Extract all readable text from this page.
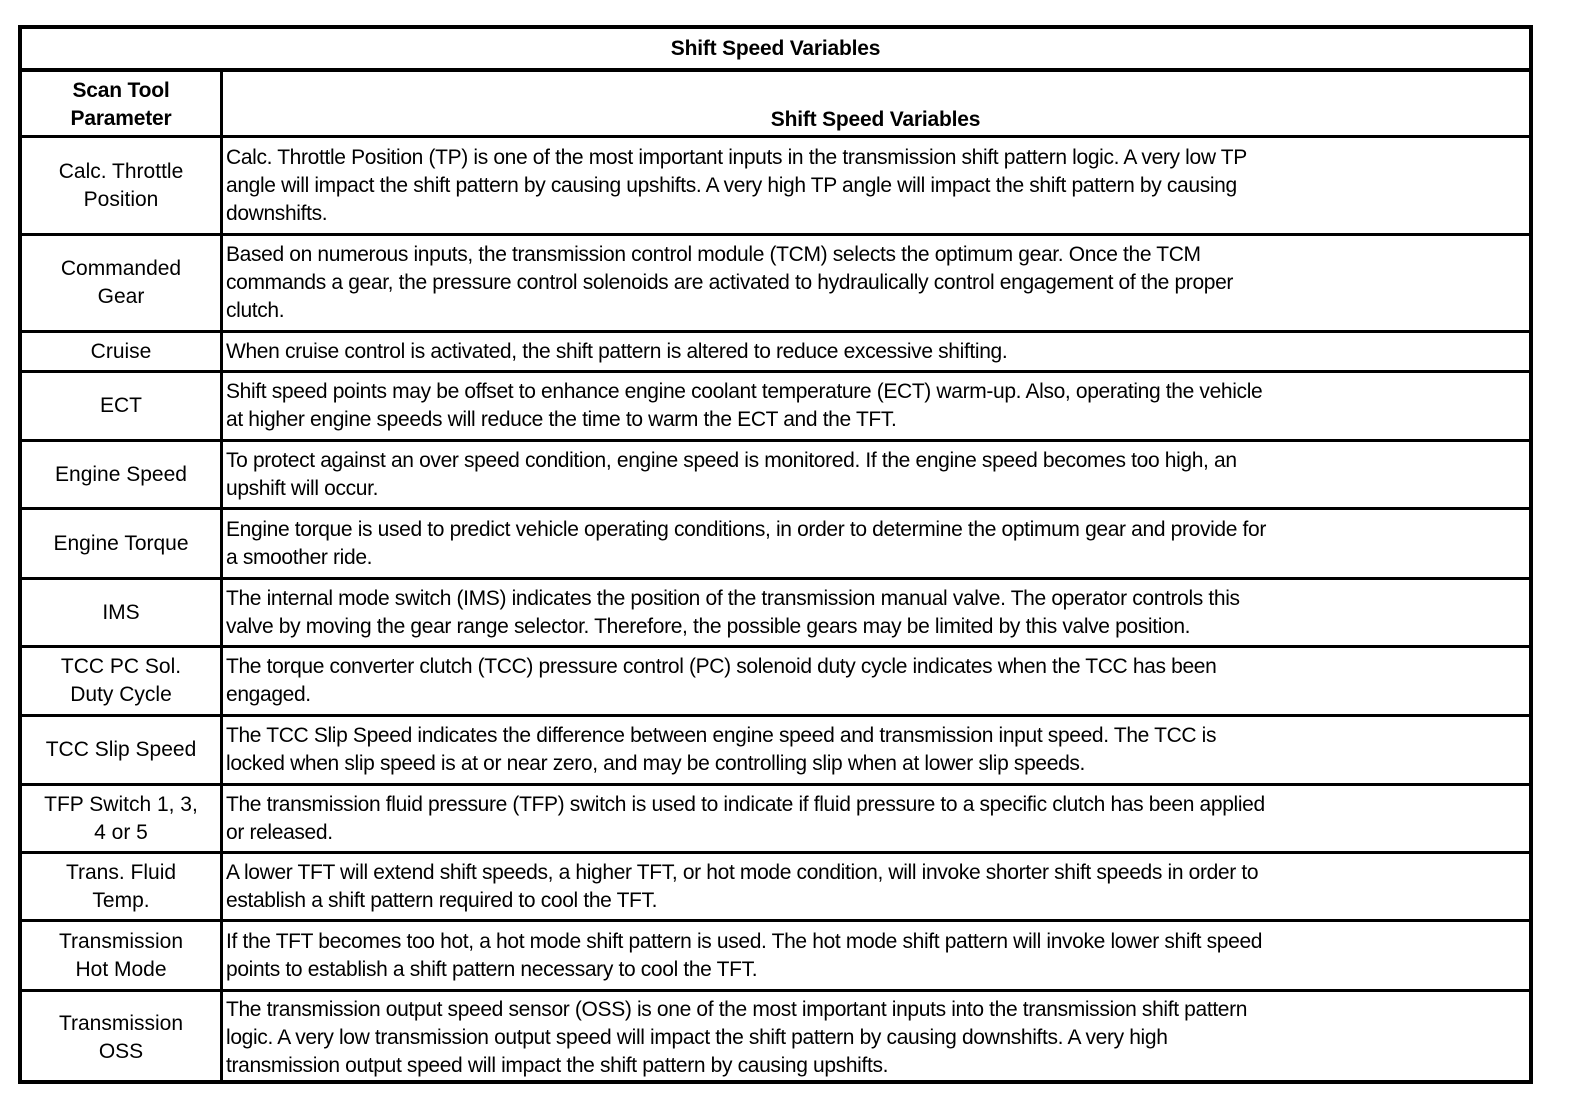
Shift Speed Variables
Scan Tool
Parameter	Shift Speed Variables
Calc. Throttle
Position
Calc. Throttle Position (TP) is one of the most important inputs in the transmission shift pattern logic. A very low TP
angle will impact the shift pattern by causing upshifts. A very high TP angle will impact the shift pattern by causing
downshifts.
Commanded
Gear
Based on numerous inputs, the transmission control module (TCM) selects the optimum gear. Once the TCM
commands a gear, the pressure control solenoids are activated to hydraulically control engagement of the proper
clutch.
Cruise	When cruise control is activated, the shift pattern is altered to reduce excessive shifting.
ECT
Shift speed points may be offset to enhance engine coolant temperature (ECT) warm-up. Also, operating the vehicle
at higher engine speeds will reduce the time to warm the ECT and the TFT.
Engine Speed
To protect against an over speed condition, engine speed is monitored. If the engine speed becomes too high, an
upshift will occur.
Engine Torque
Engine torque is used to predict vehicle operating conditions, in order to determine the optimum gear and provide for
a smoother ride.
IMS
The internal mode switch (IMS) indicates the position of the transmission manual valve. The operator controls this
valve by moving the gear range selector. Therefore, the possible gears may be limited by this valve position.
TCC PC Sol.
Duty Cycle
The torque converter clutch (TCC) pressure control (PC) solenoid duty cycle indicates when the TCC has been
engaged.
TCC Slip Speed
The TCC Slip Speed indicates the difference between engine speed and transmission input speed. The TCC is
locked when slip speed is at or near zero, and may be controlling slip when at lower slip speeds.
TFP Switch 1, 3,
4 or 5
The transmission fluid pressure (TFP) switch is used to indicate if fluid pressure to a specific clutch has been applied
or released.
Trans. Fluid
Temp.
A lower TFT will extend shift speeds, a higher TFT, or hot mode condition, will invoke shorter shift speeds in order to
establish a shift pattern required to cool the TFT.
Transmission
Hot Mode
If the TFT becomes too hot, a hot mode shift pattern is used. The hot mode shift pattern will invoke lower shift speed
points to establish a shift pattern necessary to cool the TFT.
Transmission
OSS
The transmission output speed sensor (OSS) is one of the most important inputs into the transmission shift pattern
logic. A very low transmission output speed will impact the shift pattern by causing downshifts. A very high
transmission output speed will impact the shift pattern by causing upshifts.
